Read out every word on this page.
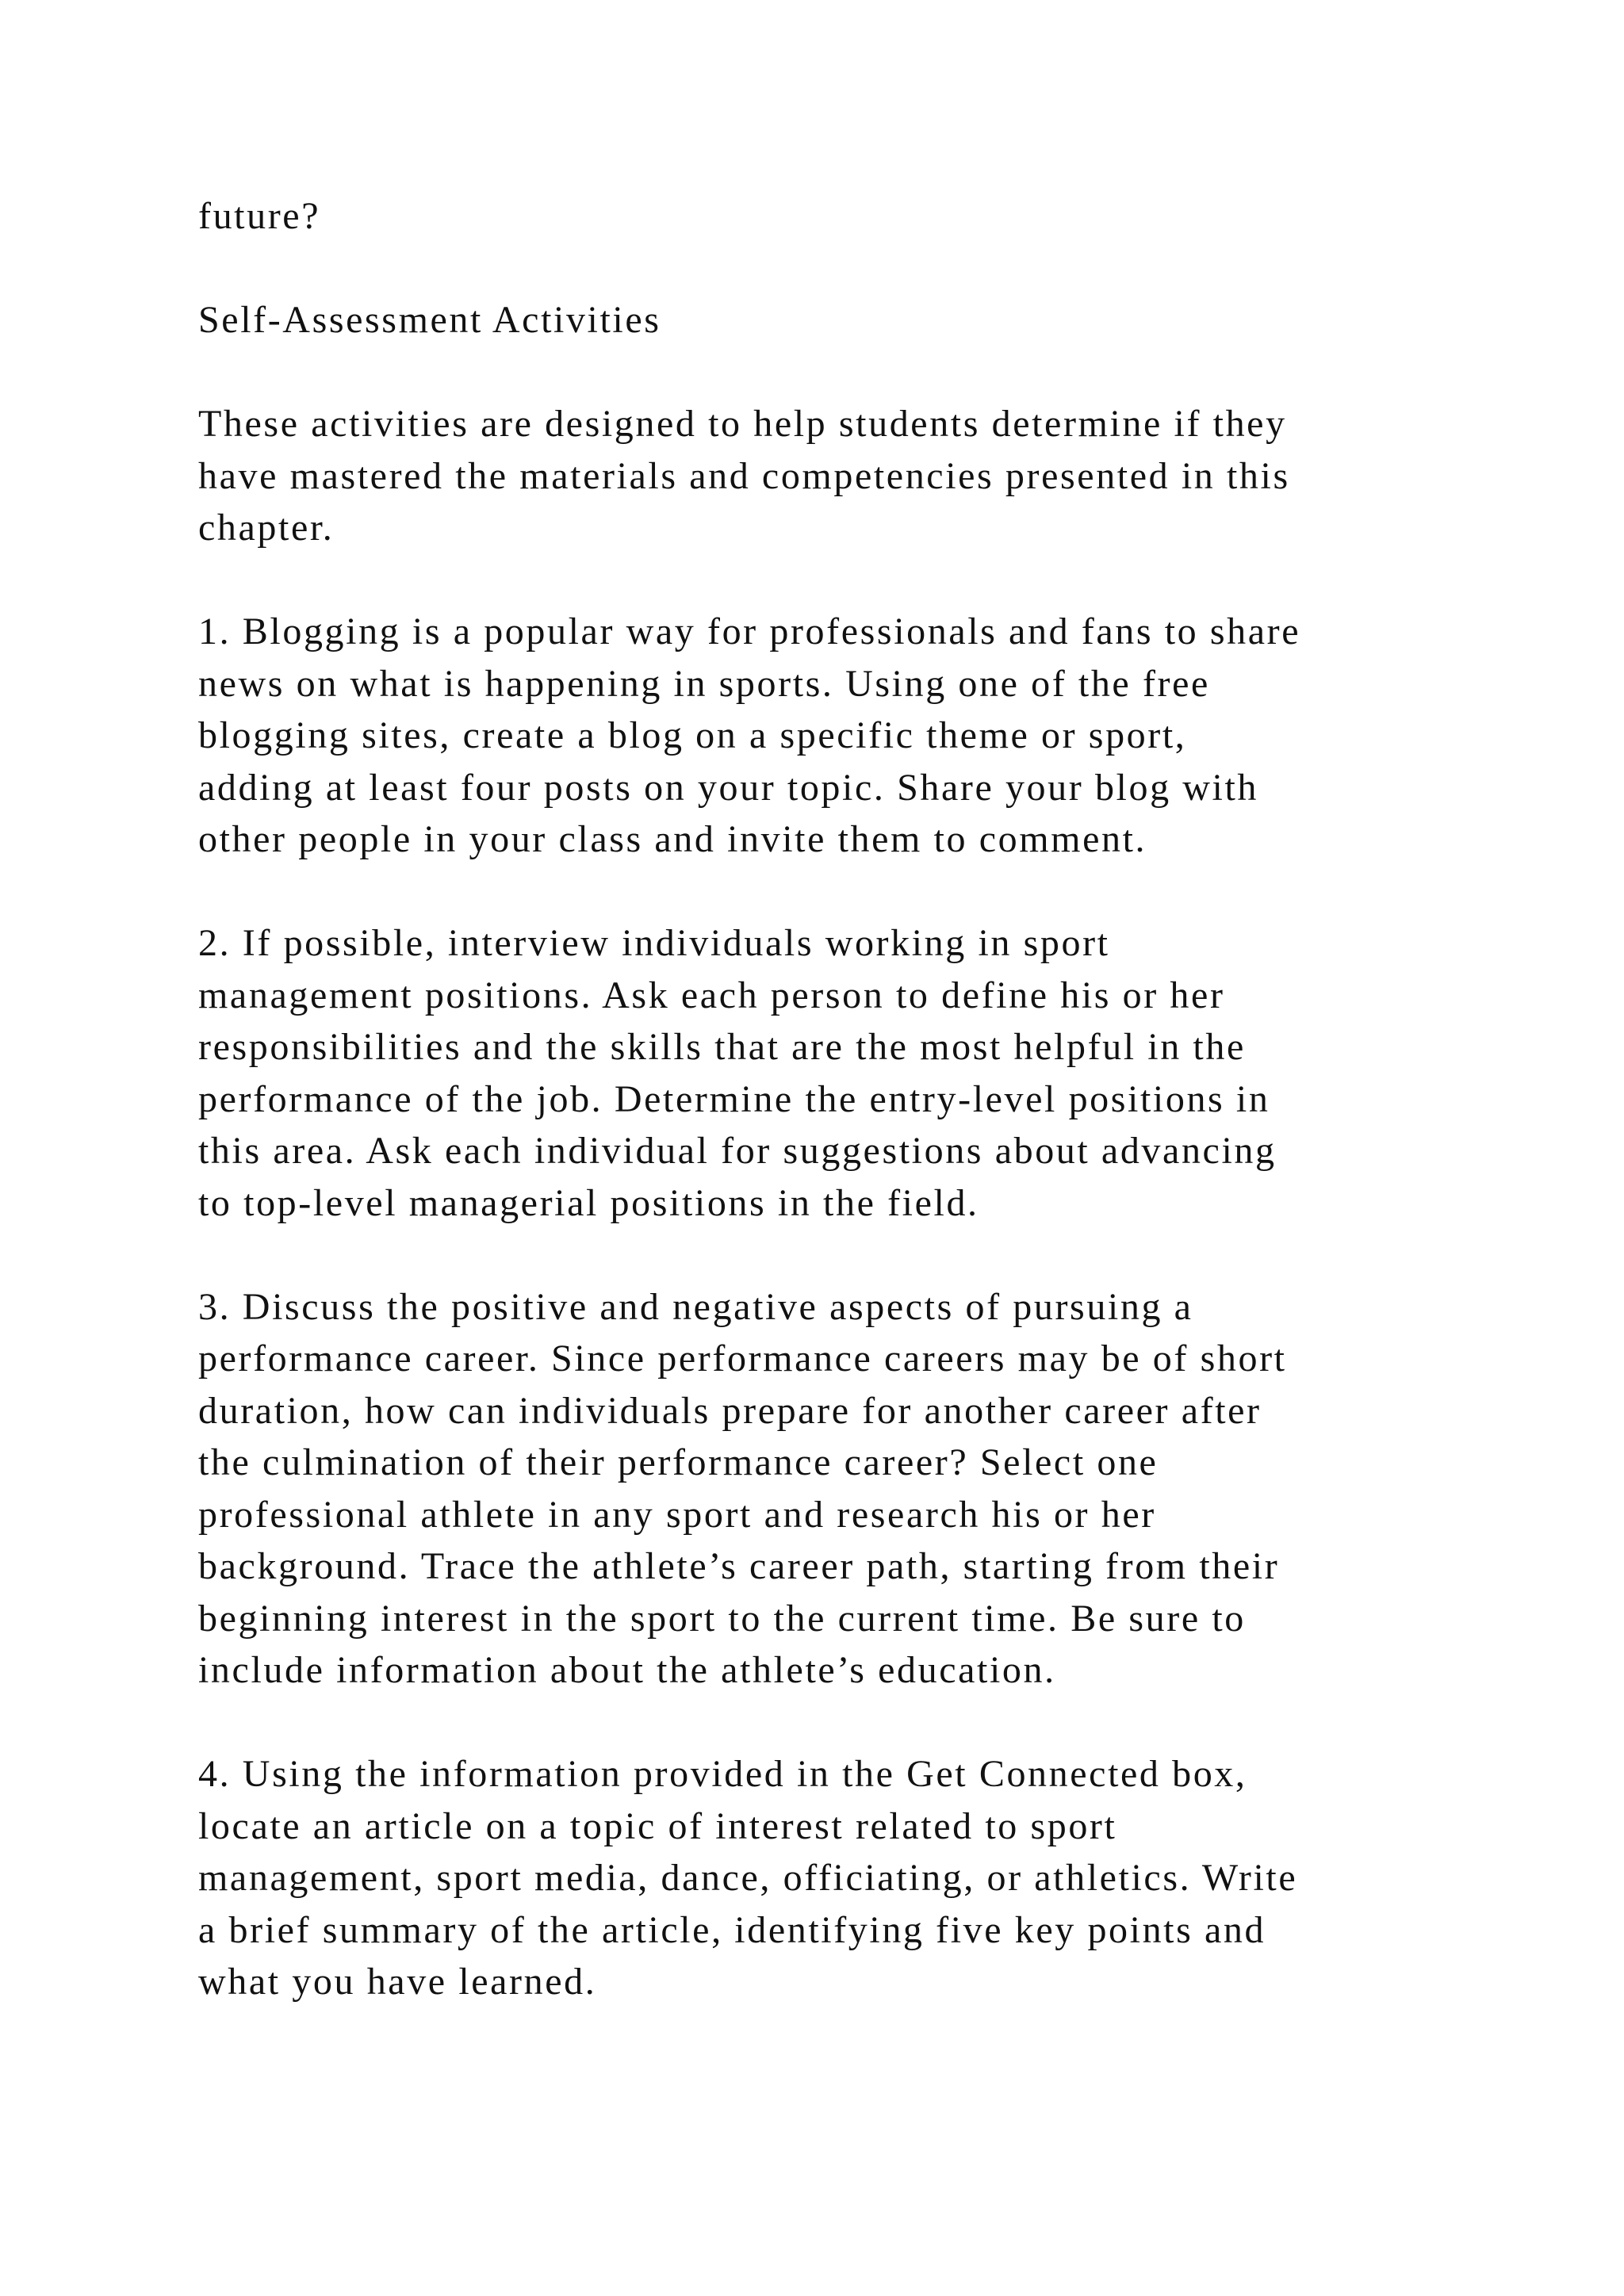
future?

Self-Assessment Activities

These activities are designed to help students determine if they
have mastered the materials and competencies presented in this
chapter.

1. Blogging is a popular way for professionals and fans to share
news on what is happening in sports. Using one of the free
blogging sites, create a blog on a specific theme or sport,
adding at least four posts on your topic. Share your blog with
other people in your class and invite them to comment.

2. If possible, interview individuals working in sport
management positions. Ask each person to define his or her
responsibilities and the skills that are the most helpful in the
performance of the job. Determine the entry-level positions in
this area. Ask each individual for suggestions about advancing
to top-level managerial positions in the field.

3. Discuss the positive and negative aspects of pursuing a
performance career. Since performance careers may be of short
duration, how can individuals prepare for another career after
the culmination of their performance career? Select one
professional athlete in any sport and research his or her
background. Trace the athlete’s career path, starting from their
beginning interest in the sport to the current time. Be sure to
include information about the athlete’s education.

4. Using the information provided in the Get Connected box,
locate an article on a topic of interest related to sport
management, sport media, dance, officiating, or athletics. Write
a brief summary of the article, identifying five key points and
what you have learned.
